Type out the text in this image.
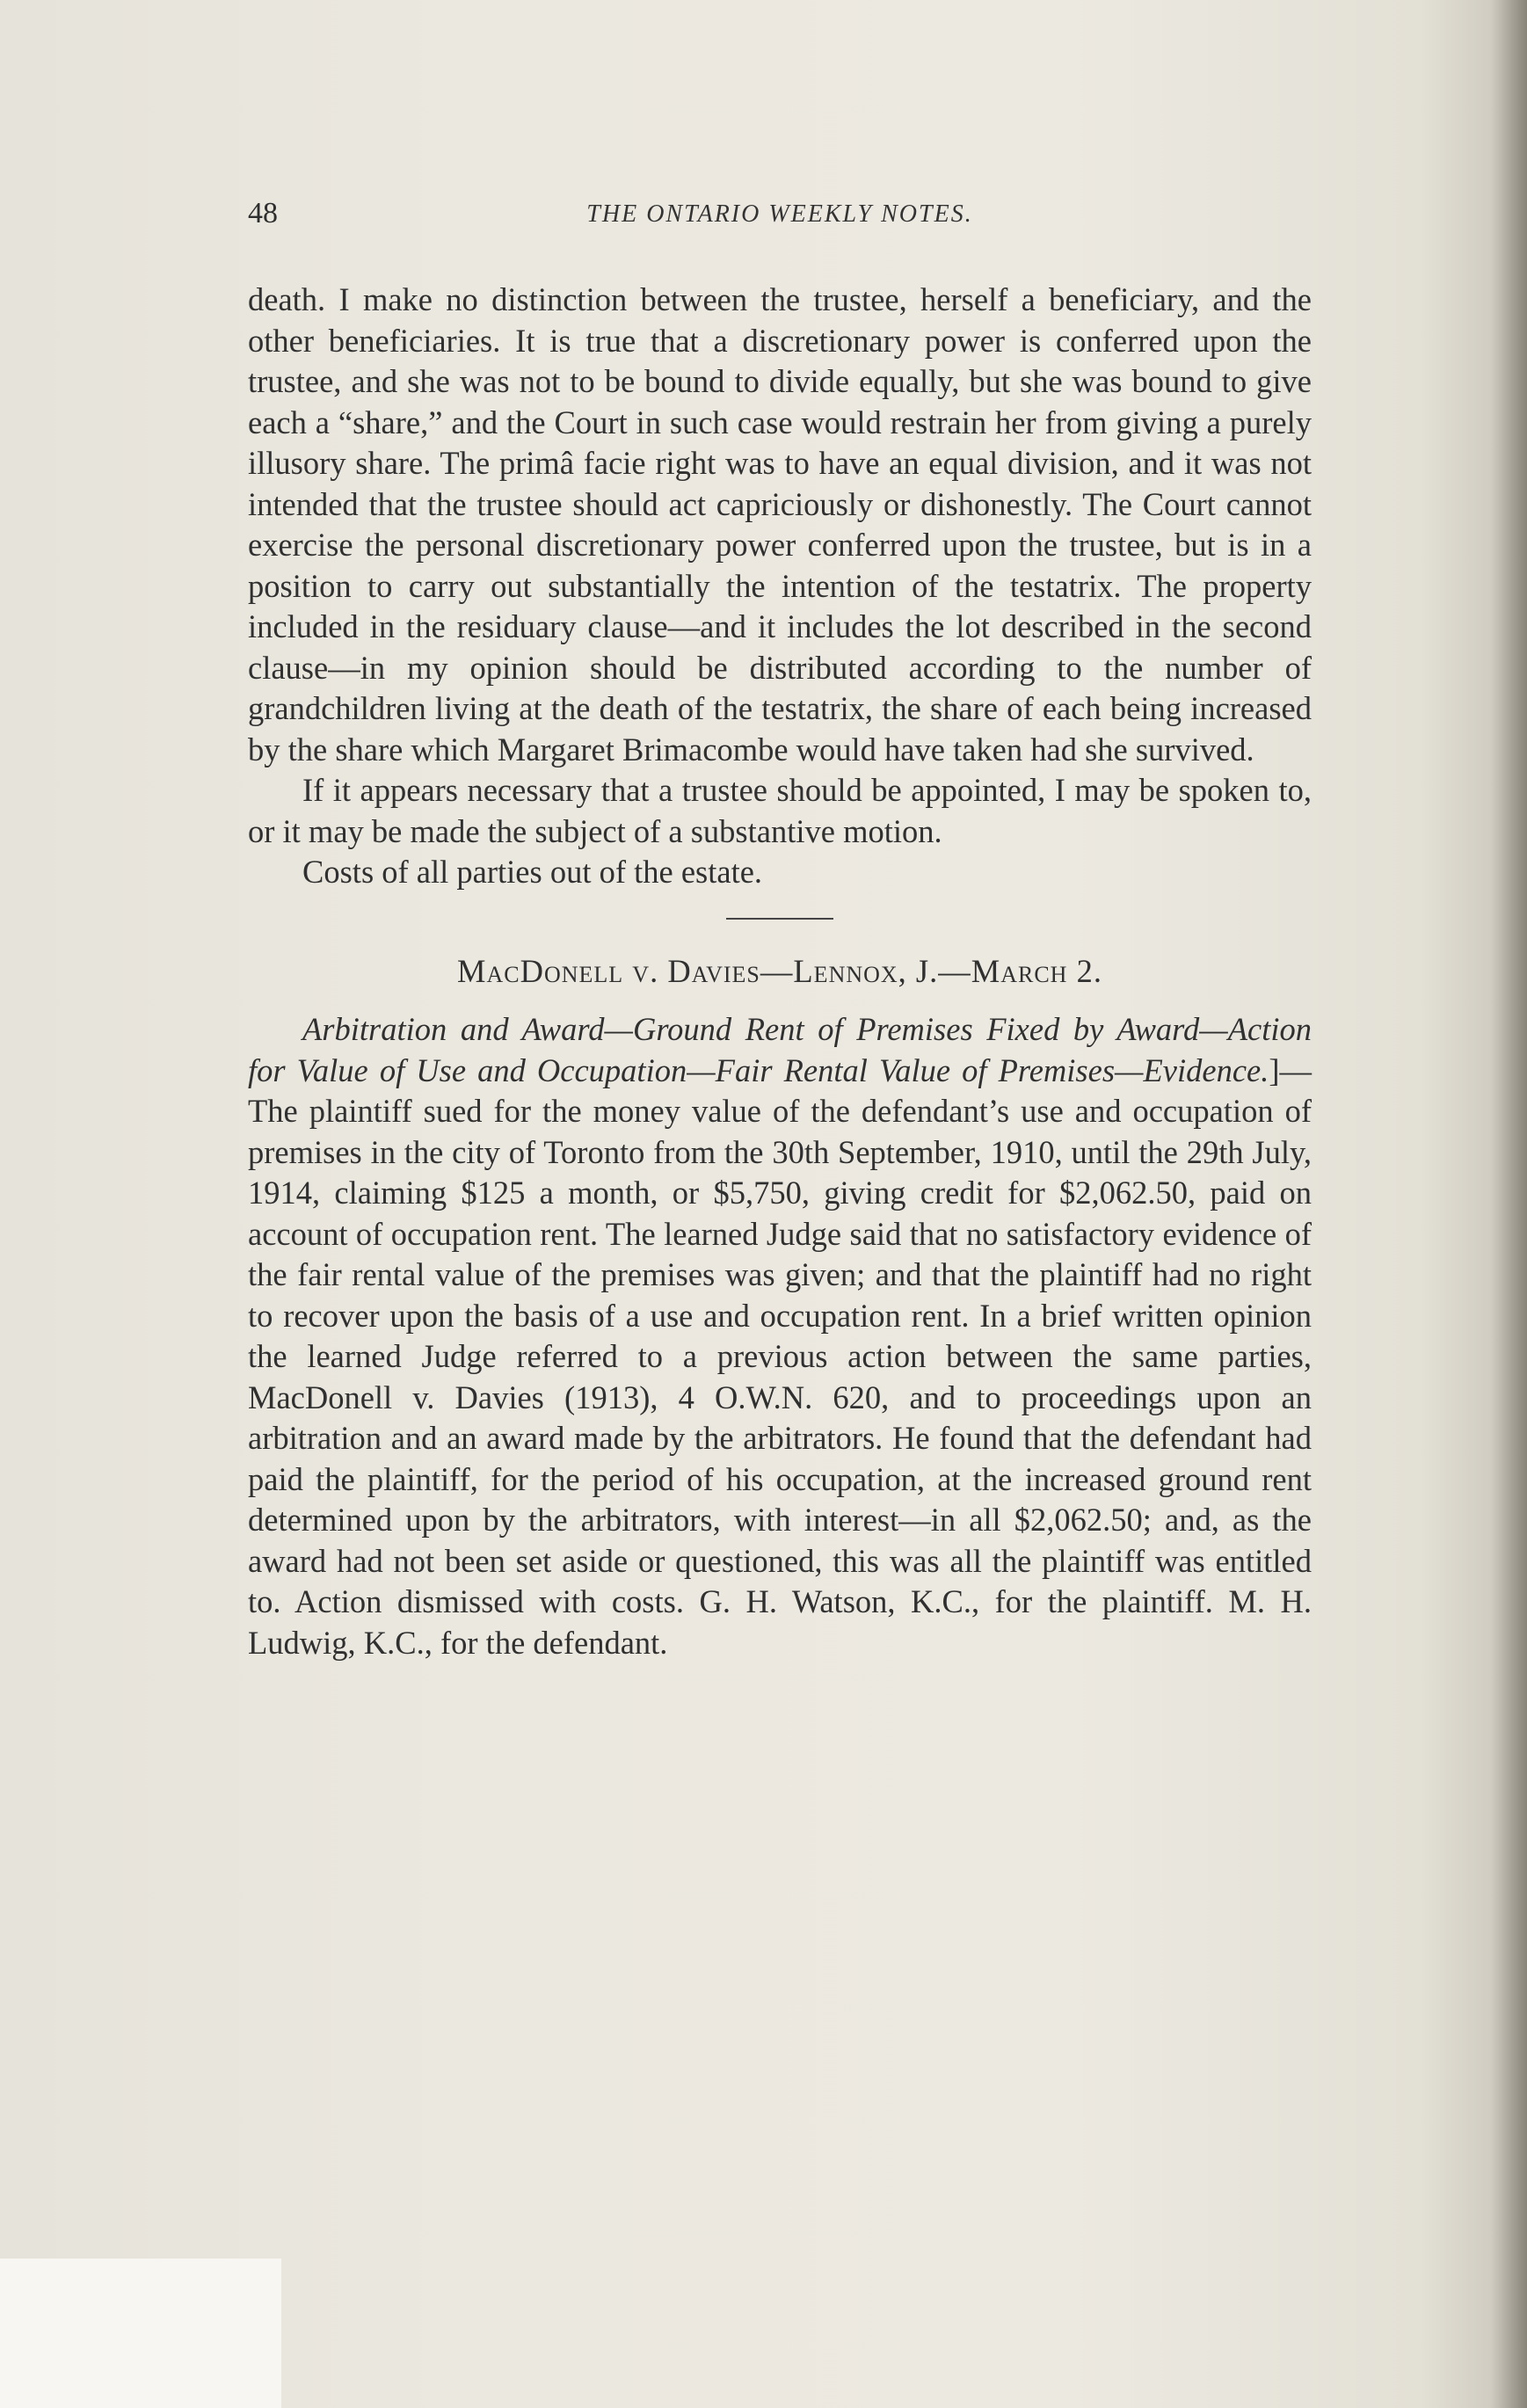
48	THE ONTARIO WEEKLY NOTES.

death. I make no distinction between the trustee, herself a beneficiary, and the other beneficiaries. It is true that a discretionary power is conferred upon the trustee, and she was not to be bound to divide equally, but she was bound to give each a “share,” and the Court in such case would restrain her from giving a purely illusory share. The primâ facie right was to have an equal division, and it was not intended that the trustee should act capriciously or dishonestly. The Court cannot exercise the personal discretionary power conferred upon the trustee, but is in a position to carry out substantially the intention of the testatrix. The property included in the residuary clause—and it includes the lot described in the second clause—in my opinion should be distributed according to the number of grandchildren living at the death of the testatrix, the share of each being increased by the share which Margaret Brimacombe would have taken had she survived.

If it appears necessary that a trustee should be appointed, I may be spoken to, or it may be made the subject of a substantive motion.

Costs of all parties out of the estate.

MacDonell v. Davies—Lennox, J.—March 2.

Arbitration and Award—Ground Rent of Premises Fixed by Award—Action for Value of Use and Occupation—Fair Rental Value of Premises—Evidence.]—The plaintiff sued for the money value of the defendant’s use and occupation of premises in the city of Toronto from the 30th September, 1910, until the 29th July, 1914, claiming $125 a month, or $5,750, giving credit for $2,062.50, paid on account of occupation rent. The learned Judge said that no satisfactory evidence of the fair rental value of the premises was given; and that the plaintiff had no right to recover upon the basis of a use and occupation rent. In a brief written opinion the learned Judge referred to a previous action between the same parties, MacDonell v. Davies (1913), 4 O.W.N. 620, and to proceedings upon an arbitration and an award made by the arbitrators. He found that the defendant had paid the plaintiff, for the period of his occupation, at the increased ground rent determined upon by the arbitrators, with interest—in all $2,062.50; and, as the award had not been set aside or questioned, this was all the plaintiff was entitled to. Action dismissed with costs. G. H. Watson, K.C., for the plaintiff. M. H. Ludwig, K.C., for the defendant.
